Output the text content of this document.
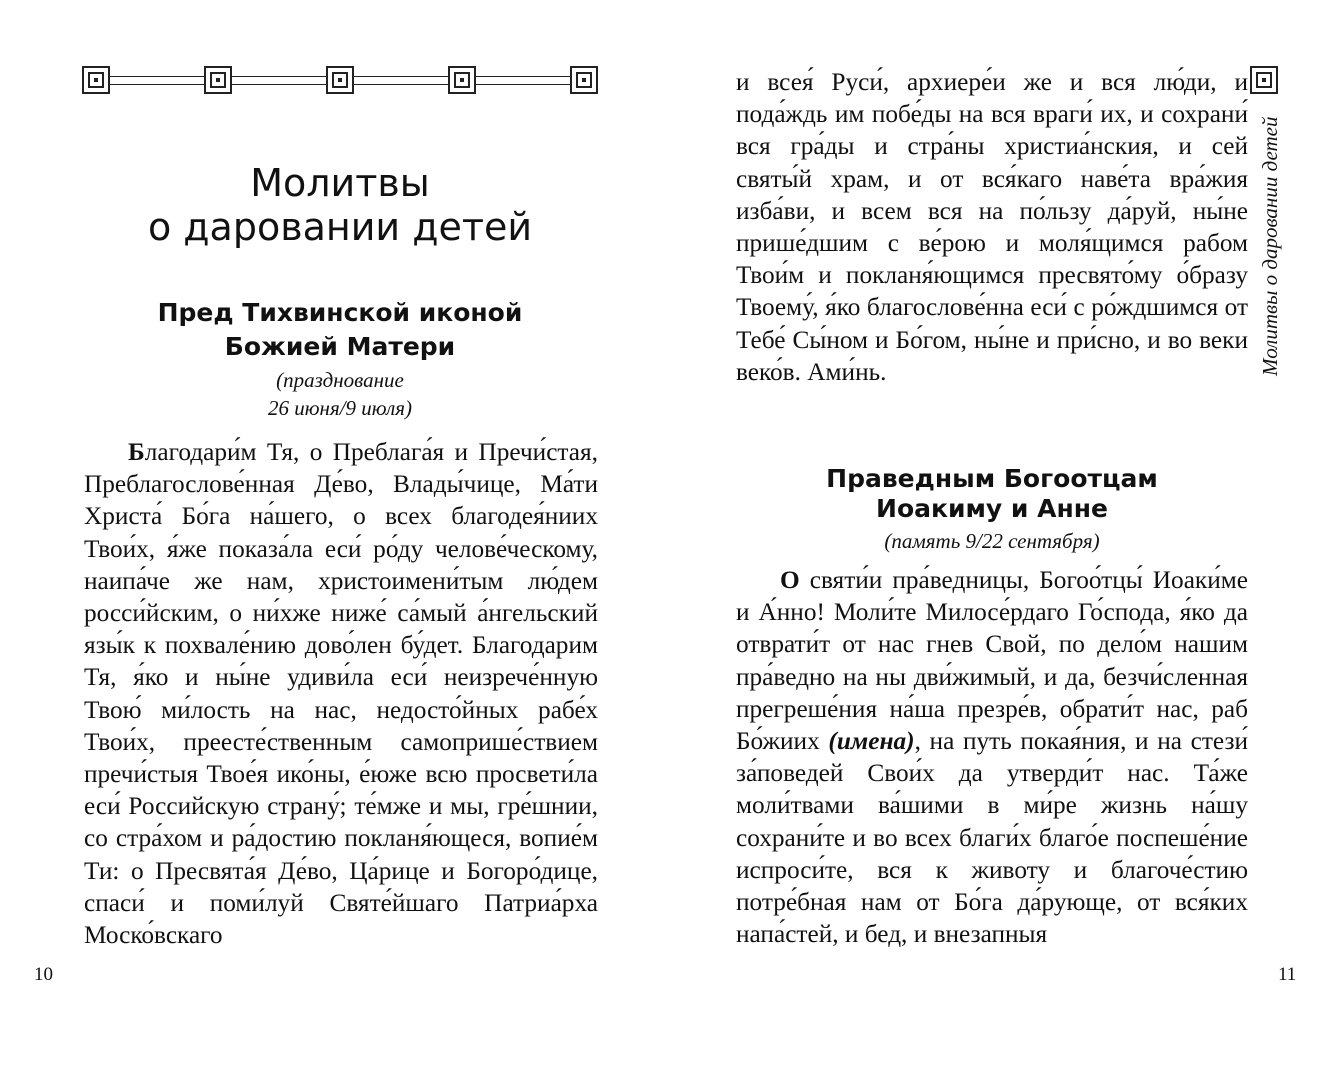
Молитвы
о даровании детей
Пред Тихвинской иконой
Божией Матери
(празднование
26 июня/9 июля)

Благодари́м Тя, о Преблага́я и Пречи́стая, Преблагослове́нная Де́во, Влады́чице, Ма́ти Христа́ Бо́га на́шего, о всех благодея́ниих Твои́х, я́же показа́ла еси́ ро́ду челове́ческому, наипа́че же нам, христоимени́тым лю́дем росси́йским, о ни́хже ниже́ са́мый а́нгельский язы́к к похвале́нию дово́лен бу́дет. Благодарим Тя, я́ко и ны́не удиви́ла еси́ неизрече́нную Твою́ ми́лость на нас, недосто́йных рабе́х Твои́х, преесте́ственным самоприше́ствием пречи́стыя Твое́я ико́ны, е́юже всю просвети́ла еси́ Российскую страну́; те́мже и мы, гре́шнии, со стра́хом и ра́достию покланя́ющеся, вопие́м Ти: о Пресвята́я Де́во, Ца́рице и Богоро́дице, спаси́ и поми́луй Святе́йшаго Патриа́рха Моско́вскаго

10

и всея́ Руси́, архиере́и же и вся лю́ди, и пода́ждь им побе́ды на вся враги́ их, и сохрани́ вся гра́ды и стра́ны христиа́нския, и сей святы́й храм, и от вся́каго наве́та вра́жия изба́ви, и всем вся на по́льзу да́руй, ны́не прише́дшим с ве́рою и моля́щимся рабом Твои́м и покланя́ющимся пресвято́му о́бразу Твоему́, я́ко благослове́нна еси́ с ро́ждшимся от Тебе́ Сы́ном и Бо́гом, ны́не и при́сно, и во веки веко́в. Ами́нь.

Праведным Богоотцам
Иоакиму и Анне
(память 9/22 сентября)

О святи́и пра́ведницы, Богоо́тцы́ Иоаки́ме и А́нно! Моли́те Милосе́рдаго Го́спода, я́ко да отврати́т от нас гнев Свой, по дело́м нашим пра́ведно на ны дви́жимый, и да, безчи́сленная прегреше́ния на́ша презре́в, обрати́т нас, раб Бо́жиих (имена), на путь покая́ния, и на стези́ за́поведей Свои́х да утверди́т нас. Та́же моли́твами ва́шими в ми́ре жизнь на́шу сохрани́те и во всех благи́х благо́е поспеше́ние испроси́те, вся к животу и благоче́стию потре́бная нам от Бо́га да́рующе, от вся́ких напа́стей, и бед, и внезапныя

Молитвы о даровании детей
11
